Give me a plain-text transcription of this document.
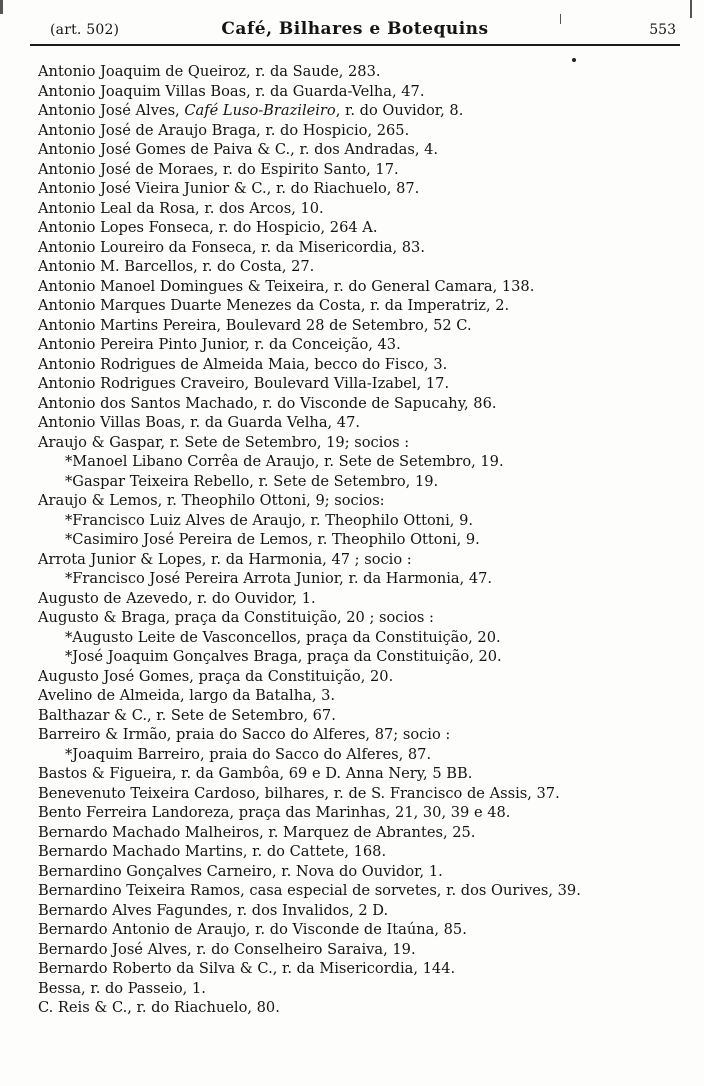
(art. 502)	Café, Bilhares e Botequins	553
Antonio Joaquim de Queiroz, r. da Saude, 283.
Antonio Joaquim Villas Boas, r. da Guarda-Velha, 47.
Antonio José Alves, Café Luso-Brazileiro, r. do Ouvidor, 8.
Antonio José de Araujo Braga, r. do Hospicio, 265.
Antonio José Gomes de Paiva & C., r. dos Andradas, 4.
Antonio José de Moraes, r. do Espirito Santo, 17.
Antonio José Vieira Junior & C., r. do Riachuelo, 87.
Antonio Leal da Rosa, r. dos Arcos, 10.
Antonio Lopes Fonseca, r. do Hospicio, 264 A.
Antonio Loureiro da Fonseca, r. da Misericordia, 83.
Antonio M. Barcellos, r. do Costa, 27.
Antonio Manoel Domingues & Teixeira, r. do General Camara, 138.
Antonio Marques Duarte Menezes da Costa, r. da Imperatriz, 2.
Antonio Martins Pereira, Boulevard 28 de Setembro, 52 C.
Antonio Pereira Pinto Junior, r. da Conceição, 43.
Antonio Rodrigues de Almeida Maia, becco do Fisco, 3.
Antonio Rodrigues Craveiro, Boulevard Villa-Izabel, 17.
Antonio dos Santos Machado, r. do Visconde de Sapucahy, 86.
Antonio Villas Boas, r. da Guarda Velha, 47.
Araujo & Gaspar, r. Sete de Setembro, 19; socios :
*Manoel Libano Corrêa de Araujo, r. Sete de Setembro, 19.
*Gaspar Teixeira Rebello, r. Sete de Setembro, 19.
Araujo & Lemos, r. Theophilo Ottoni, 9; socios:
*Francisco Luiz Alves de Araujo, r. Theophilo Ottoni, 9.
*Casimiro José Pereira de Lemos, r. Theophilo Ottoni, 9.
Arrota Junior & Lopes, r. da Harmonia, 47 ; socio :
*Francisco José Pereira Arrota Junior, r. da Harmonia, 47.
Augusto de Azevedo, r. do Ouvidor, 1.
Augusto & Braga, praça da Constituição, 20 ; socios :
*Augusto Leite de Vasconcellos, praça da Constituição, 20.
*José Joaquim Gonçalves Braga, praça da Constituição, 20.
Augusto José Gomes, praça da Constituição, 20.
Avelino de Almeida, largo da Batalha, 3.
Balthazar & C., r. Sete de Setembro, 67.
Barreiro & Irmão, praia do Sacco do Alferes, 87; socio :
*Joaquim Barreiro, praia do Sacco do Alferes, 87.
Bastos & Figueira, r. da Gambôa, 69 e D. Anna Nery, 5 BB.
Benevenuto Teixeira Cardoso, bilhares, r. de S. Francisco de Assis, 37.
Bento Ferreira Landoreza, praça das Marinhas, 21, 30, 39 e 48.
Bernardo Machado Malheiros, r. Marquez de Abrantes, 25.
Bernardo Machado Martins, r. do Cattete, 168.
Bernardino Gonçalves Carneiro, r. Nova do Ouvidor, 1.
Bernardino Teixeira Ramos, casa especial de sorvetes, r. dos Ourives, 39.
Bernardo Alves Fagundes, r. dos Invalidos, 2 D.
Bernardo Antonio de Araujo, r. do Visconde de Itaúna, 85.
Bernardo José Alves, r. do Conselheiro Saraiva, 19.
Bernardo Roberto da Silva & C., r. da Misericordia, 144.
Bessa, r. do Passeio, 1.
C. Reis & C., r. do Riachuelo, 80.
